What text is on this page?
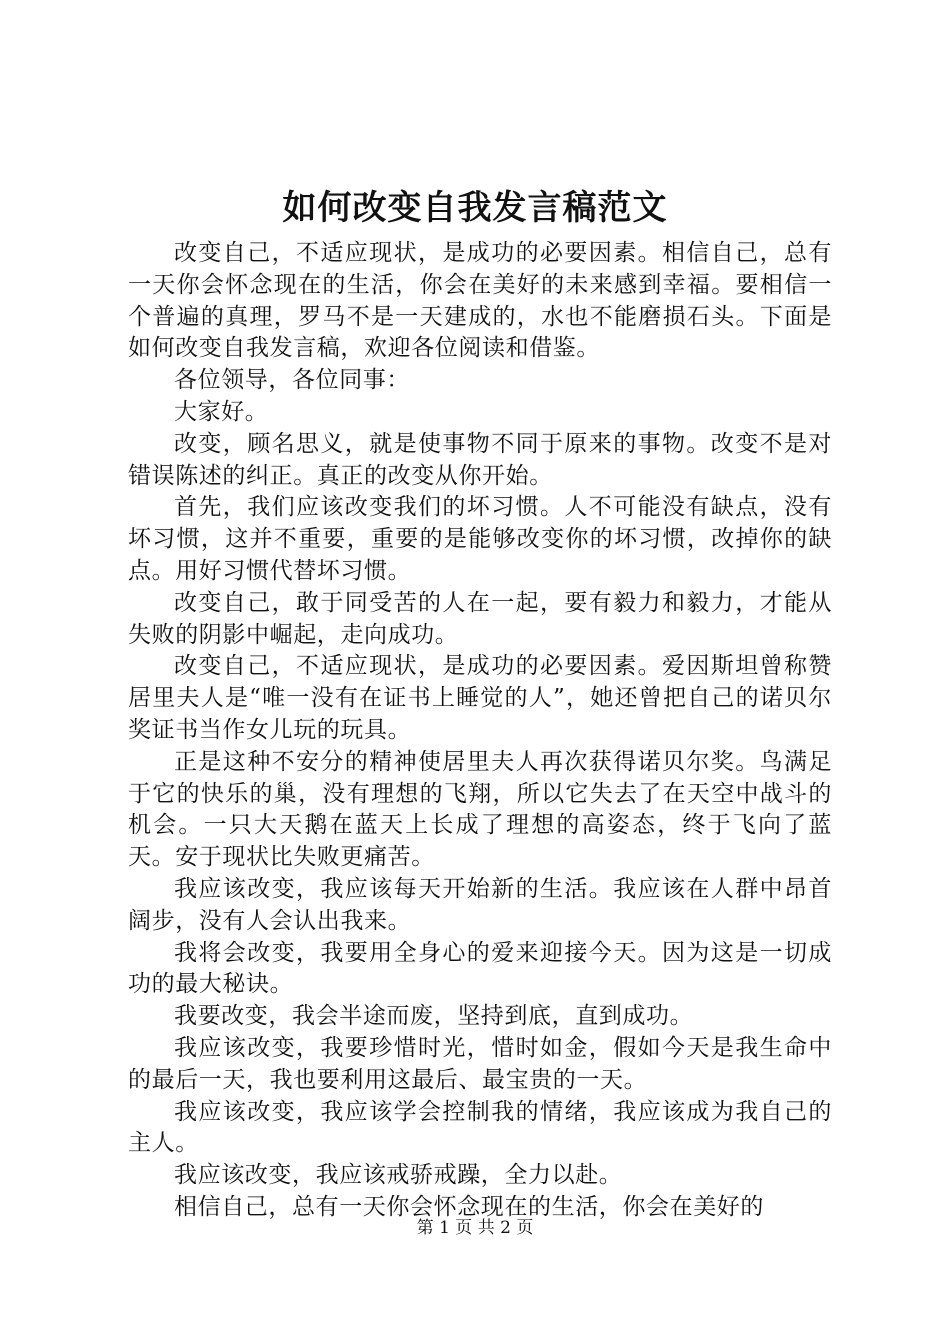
如何改变自我发言稿范文

改变自己，不适应现状，是成功的必要因素。相信自己，总有一天你会怀念现在的生活，你会在美好的未来感到幸福。要相信一个普遍的真理，罗马不是一天建成的，水也不能磨损石头。下面是如何改变自我发言稿，欢迎各位阅读和借鉴。

各位领导，各位同事：

大家好。

改变，顾名思义，就是使事物不同于原来的事物。改变不是对错误陈述的纠正。真正的改变从你开始。

首先，我们应该改变我们的坏习惯。人不可能没有缺点，没有坏习惯，这并不重要，重要的是能够改变你的坏习惯，改掉你的缺点。用好习惯代替坏习惯。

改变自己，敢于同受苦的人在一起，要有毅力和毅力，才能从失败的阴影中崛起，走向成功。

改变自己，不适应现状，是成功的必要因素。爱因斯坦曾称赞居里夫人是“唯一没有在证书上睡觉的人”，她还曾把自己的诺贝尔奖证书当作女儿玩的玩具。

正是这种不安分的精神使居里夫人再次获得诺贝尔奖。鸟满足于它的快乐的巢，没有理想的飞翔，所以它失去了在天空中战斗的机会。一只大天鹅在蓝天上长成了理想的高姿态，终于飞向了蓝天。安于现状比失败更痛苦。

我应该改变，我应该每天开始新的生活。我应该在人群中昂首阔步，没有人会认出我来。

我将会改变，我要用全身心的爱来迎接今天。因为这是一切成功的最大秘诀。

我要改变，我会半途而废，坚持到底，直到成功。

我应该改变，我要珍惜时光，惜时如金，假如今天是我生命中的最后一天，我也要利用这最后、最宝贵的一天。

我应该改变，我应该学会控制我的情绪，我应该成为我自己的主人。

我应该改变，我应该戒骄戒躁，全力以赴。

相信自己，总有一天你会怀念现在的生活，你会在美好的

第 1 页 共 2 页
